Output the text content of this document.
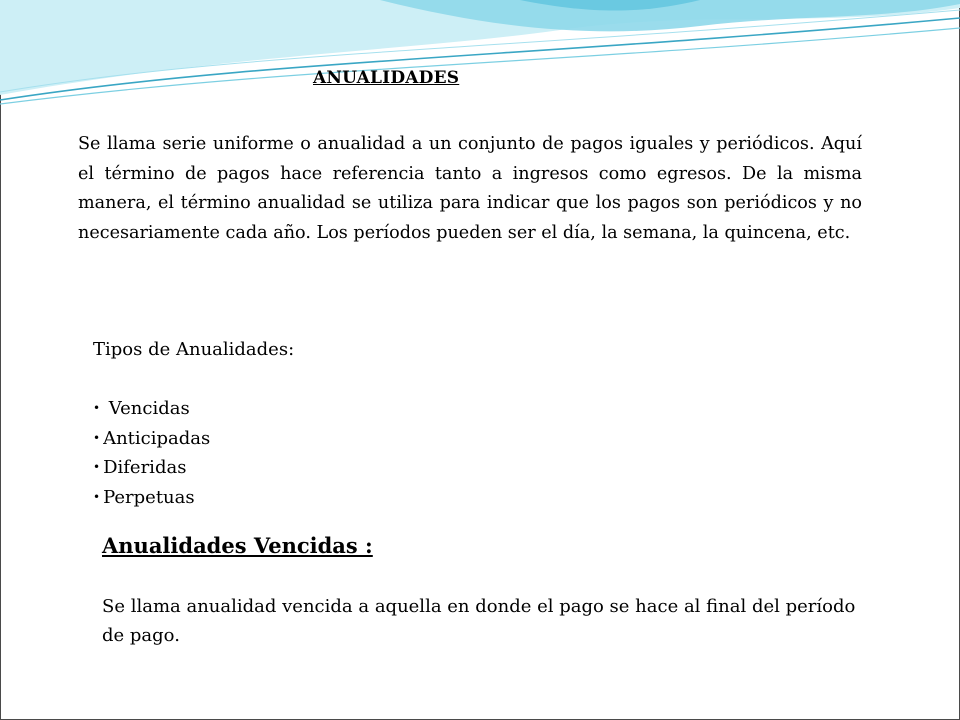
ANUALIDADES

Se llama serie uniforme o anualidad a un conjunto de pagos iguales y periódicos. Aquí el término de pagos hace referencia tanto a ingresos como egresos. De la misma manera, el término anualidad se utiliza para indicar que los pagos son periódicos y no necesariamente cada año. Los períodos pueden ser el día, la semana, la quincena, etc.

Tipos de Anualidades:
• Vencidas
• Anticipadas
• Diferidas
• Perpetuas
Anualidades Vencidas :

Se llama anualidad vencida a aquella en donde el pago se hace al final del período de pago.
